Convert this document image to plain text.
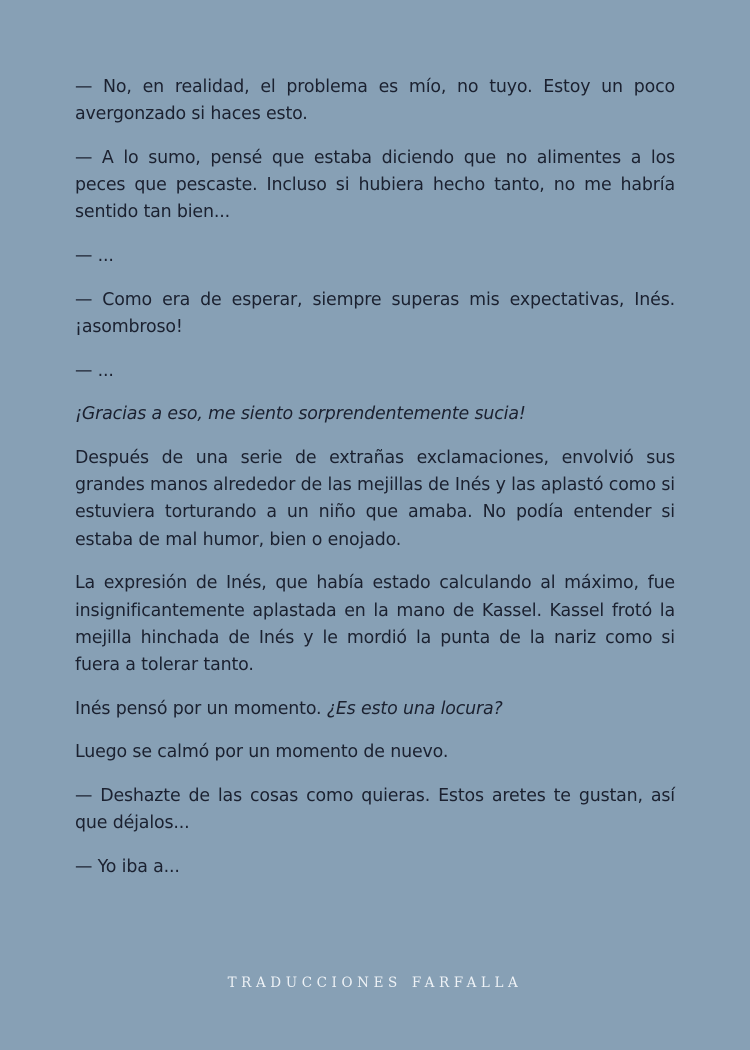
— No, en realidad, el problema es mío, no tuyo. Estoy un poco avergonzado si haces esto.

— A lo sumo, pensé que estaba diciendo que no alimentes a los peces que pescaste. Incluso si hubiera hecho tanto, no me habría sentido tan bien...

— ...

— Como era de esperar, siempre superas mis expectativas, Inés. ¡asombroso!

— ...

¡Gracias a eso, me siento sorprendentemente sucia!

Después de una serie de extrañas exclamaciones, envolvió sus grandes manos alrededor de las mejillas de Inés y las aplastó como si estuviera torturando a un niño que amaba. No podía entender si estaba de mal humor, bien o enojado.

La expresión de Inés, que había estado calculando al máximo, fue insignificantemente aplastada en la mano de Kassel. Kassel frotó la mejilla hinchada de Inés y le mordió la punta de la nariz como si fuera a tolerar tanto.

Inés pensó por un momento. ¿Es esto una locura?

Luego se calmó por un momento de nuevo.

— Deshazte de las cosas como quieras. Estos aretes te gustan, así que déjalos...

— Yo iba a...

TRADUCCIONES FARFALLA
